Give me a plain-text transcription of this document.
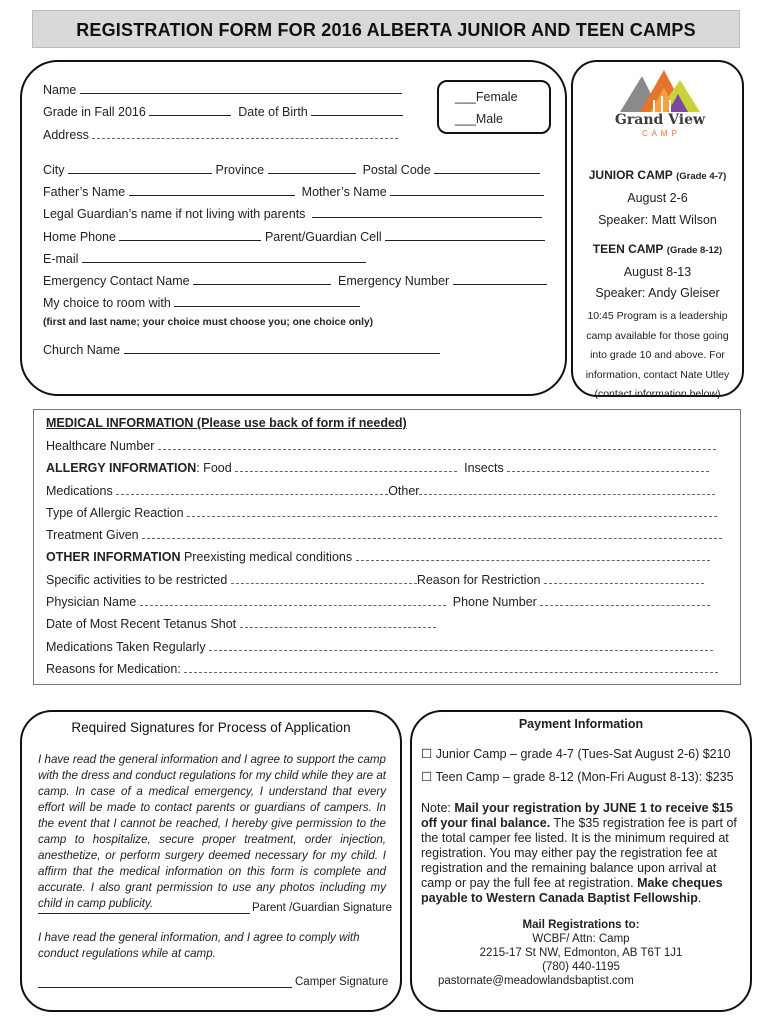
REGISTRATION FORM FOR 2016 ALBERTA JUNIOR AND TEEN CAMPS
Name
Grade in Fall 2016	Date of Birth
Address
___Female
___Male
City	Province	Postal Code
Father’s Name	Mother’s Name
Legal Guardian’s name if not living with parents
Home Phone	Parent/Guardian Cell
E-mail
Emergency Contact Name	Emergency Number
My choice to room with
(first and last name; your choice must choose you; one choice only)
Church Name
Grand View
C A M P
JUNIOR CAMP (Grade 4-7)
August 2-6
Speaker: Matt Wilson
TEEN CAMP (Grade 8-12)
August 8-13
Speaker: Andy Gleiser
10:45 Program is a leadership
camp available for those going
into grade 10 and above. For
information, contact Nate Utley
(contact information below)
MEDICAL INFORMATION (Please use back of form if needed)
Healthcare Number
ALLERGY INFORMATION: Food	Insects
Medications	Other
Type of Allergic Reaction
Treatment Given
OTHER INFORMATION Preexisting medical conditions
Specific activities to be restricted	Reason for Restriction
Physician Name	Phone Number
Date of Most Recent Tetanus Shot
Medications Taken Regularly
Reasons for Medication:
Required Signatures for Process of Application
I have read the general information and I agree to support the camp with the dress and conduct regulations for my child while they are at camp. In case of a medical emergency, I understand that every effort will be made to contact parents or guardians of campers. In the event that I cannot be reached, I hereby give permission to the camp to hospitalize, secure proper treatment, order injection, anesthetize, or perform surgery deemed necessary for my child. I affirm that the medical information on this form is complete and accurate. I also grant permission to use any photos including my child in camp publicity.	Parent /Guardian Signature
I have read the general information, and I agree to comply with conduct regulations while at camp.
Camper Signature
Payment Information
☐ Junior Camp – grade 4-7 (Tues-Sat August 2-6) $210
☐ Teen Camp – grade 8-12 (Mon-Fri August 8-13): $235
Note: Mail your registration by JUNE 1 to receive $15 off your final balance. The $35 registration fee is part of the total camper fee listed. It is the minimum required at registration. You may either pay the registration fee at registration and the remaining balance upon arrival at camp or pay the full fee at registration. Make cheques payable to Western Canada Baptist Fellowship.
Mail Registrations to:
WCBF/ Attn: Camp
2215-17 St NW, Edmonton, AB T6T 1J1
(780) 440-1195
pastornate@meadowlandsbaptist.com
